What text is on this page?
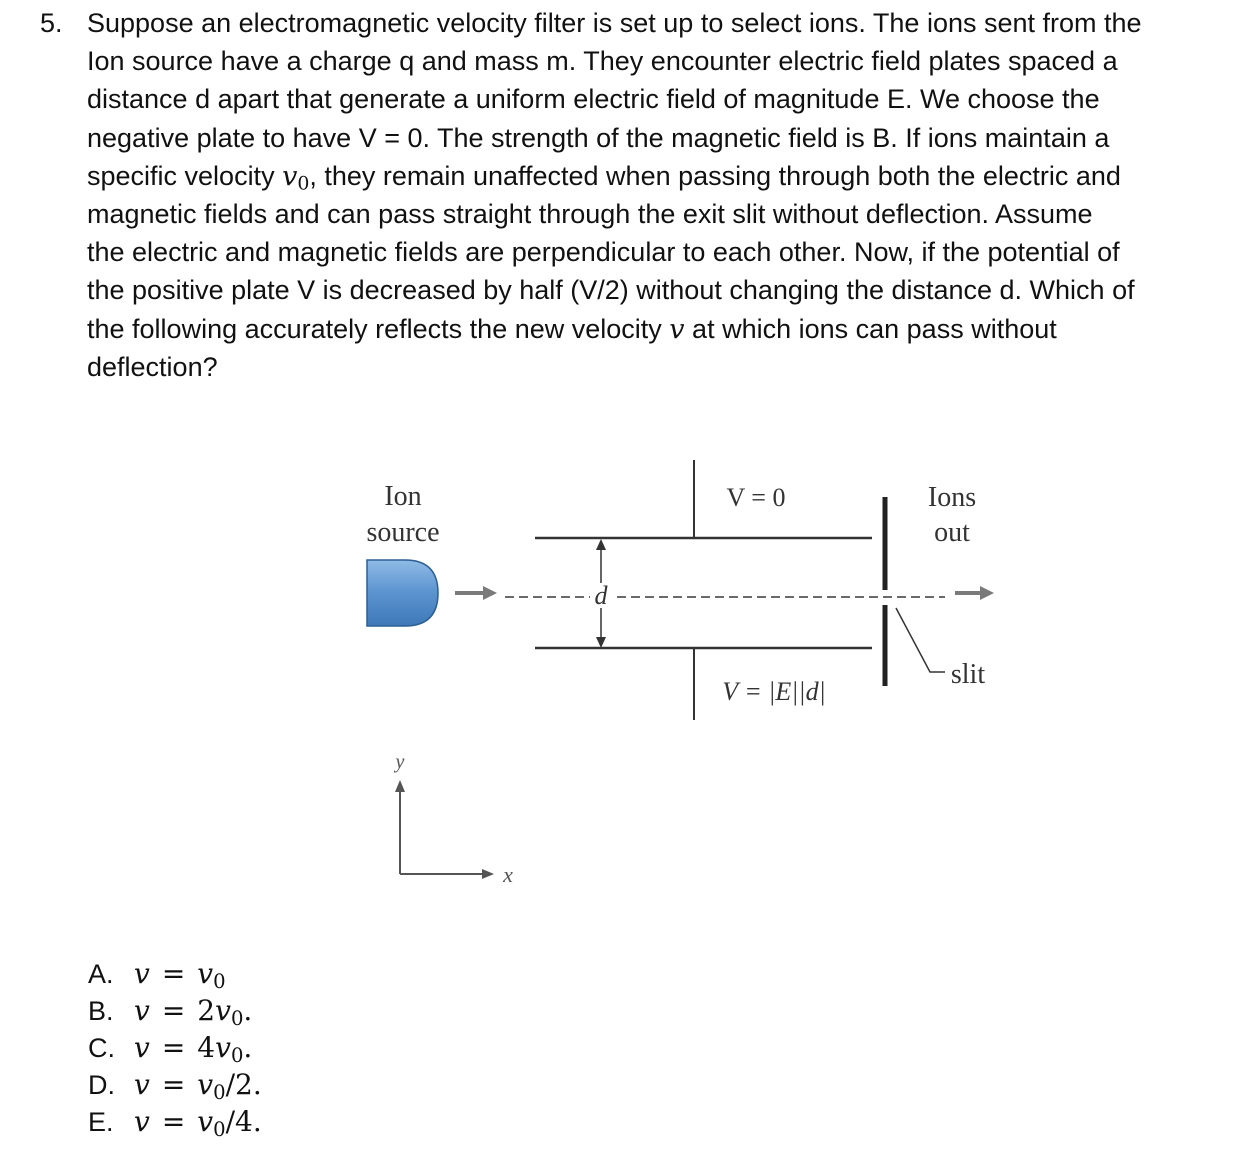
5. Suppose an electromagnetic velocity filter is set up to select ions. The ions sent from the
Ion source have a charge q and mass m. They encounter electric field plates spaced a
distance d apart that generate a uniform electric field of magnitude E. We choose the
negative plate to have V = 0. The strength of the magnetic field is B. If ions maintain a
specific velocity $v_0$, they remain unaffected when passing through both the electric and
magnetic fields and can pass straight through the exit slit without deflection. Assume
the electric and magnetic fields are perpendicular to each other. Now, if the potential of
the positive plate V is decreased by half (V/2) without changing the distance d. Which of
the following accurately reflects the new velocity v at which ions can pass without
deflection?
Ion
source
V = 0
V = |E||d|
d
Ions
out
slit
y
x
A. $v = v_0$
B. $v = 2v_0$.
C. $v = 4v_0$.
D. $v = v_0/2$.
E. $v = v_0/4$.
